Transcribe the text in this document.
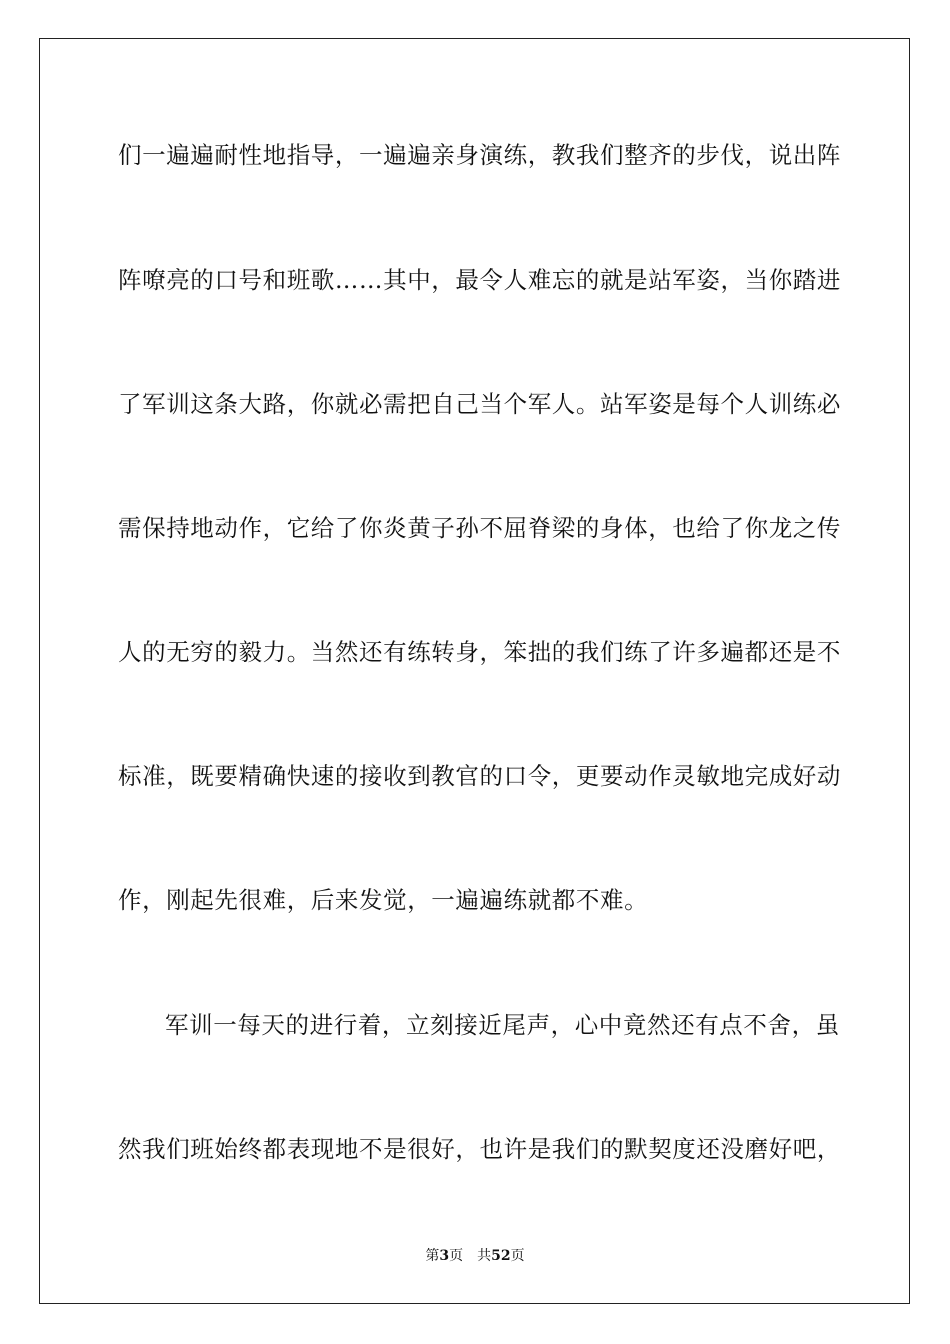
们一遍遍耐性地指导，一遍遍亲身演练，教我们整齐的步伐，说出阵
阵嘹亮的口号和班歌……其中，最令人难忘的就是站军姿，当你踏进
了军训这条大路，你就必需把自己当个军人。站军姿是每个人训练必
需保持地动作，它给了你炎黄子孙不屈脊梁的身体，也给了你龙之传
人的无穷的毅力。当然还有练转身，笨拙的我们练了许多遍都还是不
标准，既要精确快速的接收到教官的口令，更要动作灵敏地完成好动
作，刚起先很难，后来发觉，一遍遍练就都不难。
军训一每天的进行着，立刻接近尾声，心中竟然还有点不舍，虽
然我们班始终都表现地不是很好，也许是我们的默契度还没磨好吧，
第3页 共52页
